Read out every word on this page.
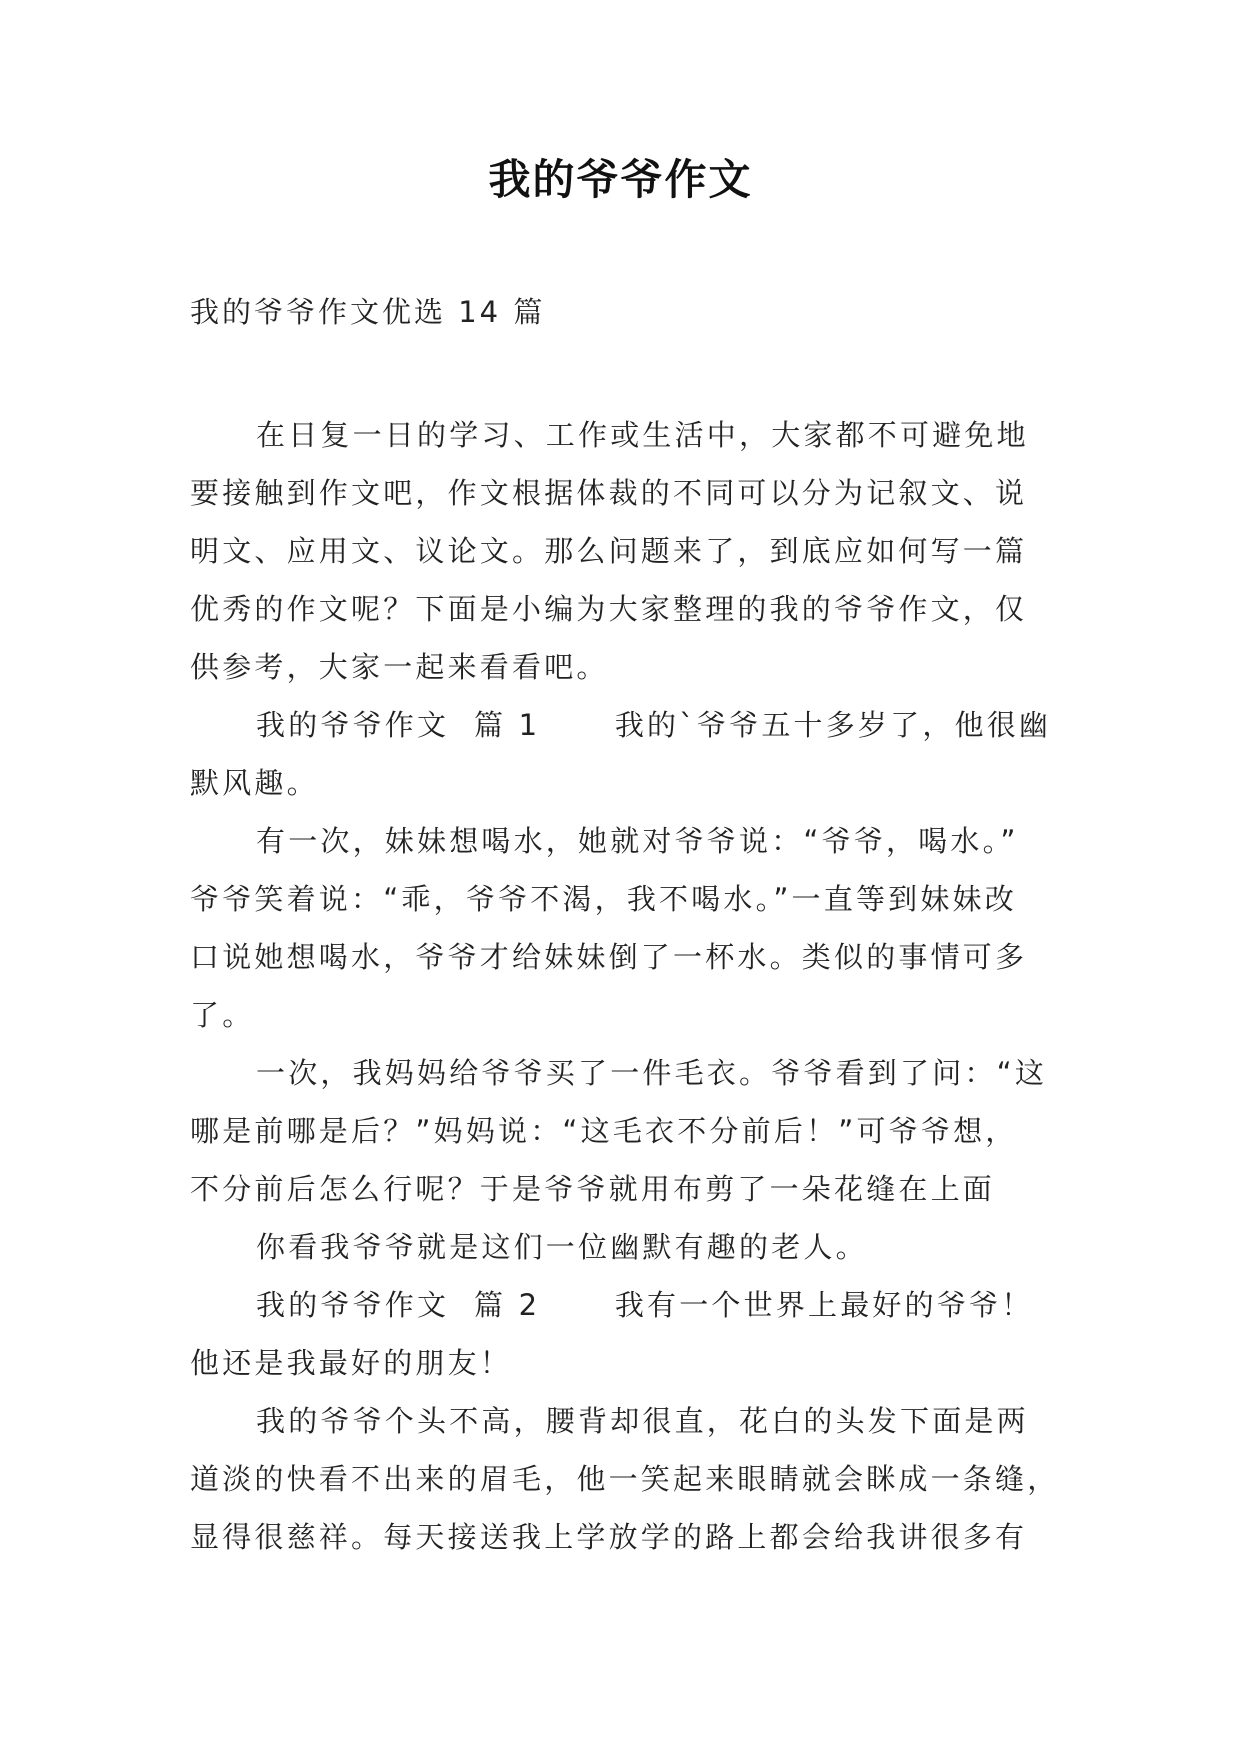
我的爷爷作文
我的爷爷作文优选 14 篇
在日复一日的学习、工作或生活中，大家都不可避免地
要接触到作文吧，作文根据体裁的不同可以分为记叙文、说
明文、应用文、议论文。那么问题来了，到底应如何写一篇
优秀的作文呢？下面是小编为大家整理的我的爷爷作文，仅
供参考，大家一起来看看吧。
我的爷爷作文  篇 1      我的`爷爷五十多岁了，他很幽
默风趣。
有一次，妹妹想喝水，她就对爷爷说：“爷爷，喝水。”
爷爷笑着说：“乖，爷爷不渴，我不喝水。”一直等到妹妹改
口说她想喝水，爷爷才给妹妹倒了一杯水。类似的事情可多
了。
一次，我妈妈给爷爷买了一件毛衣。爷爷看到了问：“这
哪是前哪是后？”妈妈说：“这毛衣不分前后！”可爷爷想，
不分前后怎么行呢？于是爷爷就用布剪了一朵花缝在上面
你看我爷爷就是这们一位幽默有趣的老人。
我的爷爷作文  篇 2      我有一个世界上最好的爷爷！
他还是我最好的朋友！
我的爷爷个头不高，腰背却很直，花白的头发下面是两
道淡的快看不出来的眉毛，他一笑起来眼睛就会眯成一条缝，
显得很慈祥。每天接送我上学放学的路上都会给我讲很多有
